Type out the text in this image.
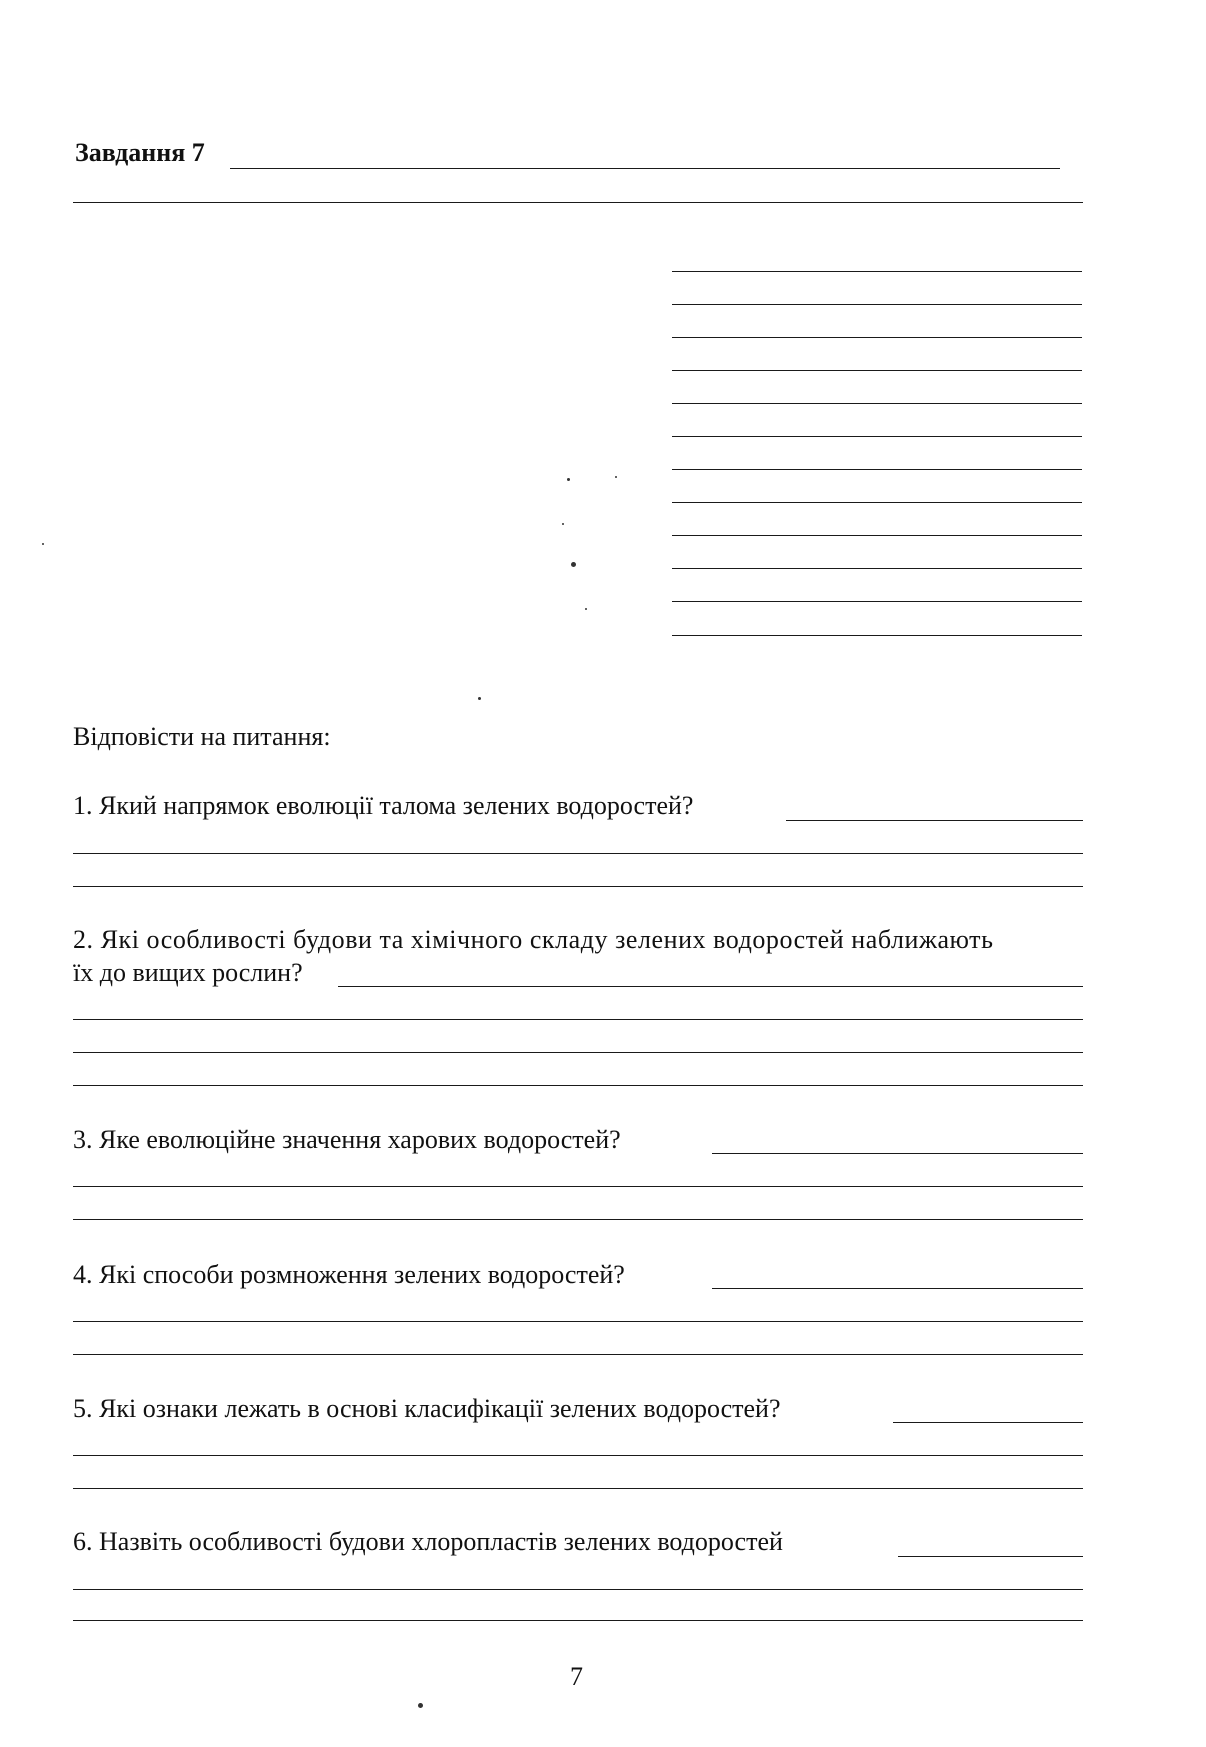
Завдання 7
Відповісти на питання:
1. Який напрямок еволюції талома зелених водоростей?
2. Які особливості будови та хімічного складу зелених водоростей наближають
їх до вищих рослин?
3. Яке еволюційне значення харових водоростей?
4. Які способи розмноження зелених водоростей?
5. Які ознаки лежать в основі класифікації зелених водоростей?
6. Назвіть особливості будови хлоропластів зелених водоростей
7
